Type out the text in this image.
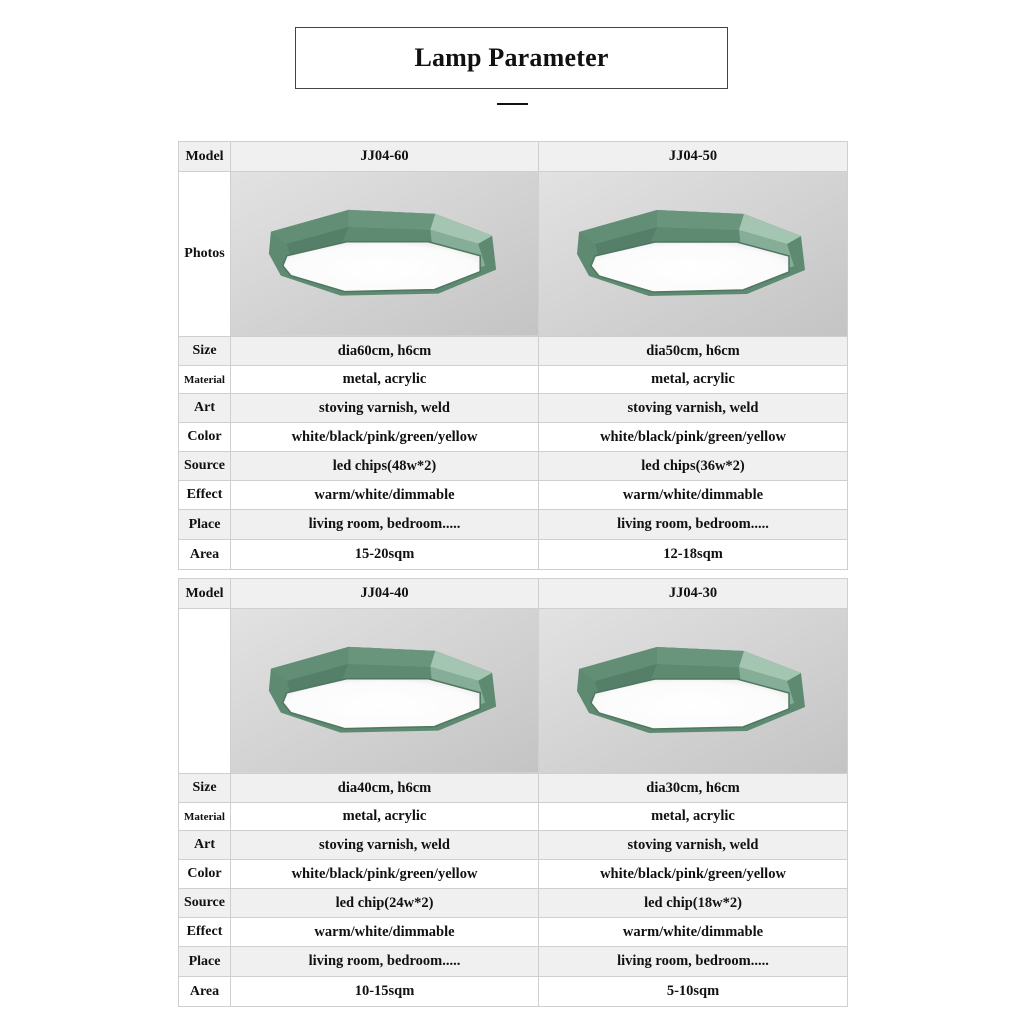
Lamp Parameter
Model	JJ04-60	JJ04-50
Photos	

Size	dia60cm, h6cm	dia50cm, h6cm
Material	metal, acrylic	metal, acrylic
Art	stoving varnish, weld	stoving varnish, weld
Color	white/black/pink/green/yellow	white/black/pink/green/yellow
Source	led chips(48w*2)	led chips(36w*2)
Effect	warm/white/dimmable	warm/white/dimmable
Place	living room, bedroom.....	living room, bedroom.....
Area	15-20sqm	12-18sqm
Model	JJ04-40	JJ04-30

Size	dia40cm, h6cm	dia30cm, h6cm
Material	metal, acrylic	metal, acrylic
Art	stoving varnish, weld	stoving varnish, weld
Color	white/black/pink/green/yellow	white/black/pink/green/yellow
Source	led chip(24w*2)	led chip(18w*2)
Effect	warm/white/dimmable	warm/white/dimmable
Place	living room, bedroom.....	living room, bedroom.....
Area	10-15sqm	5-10sqm
